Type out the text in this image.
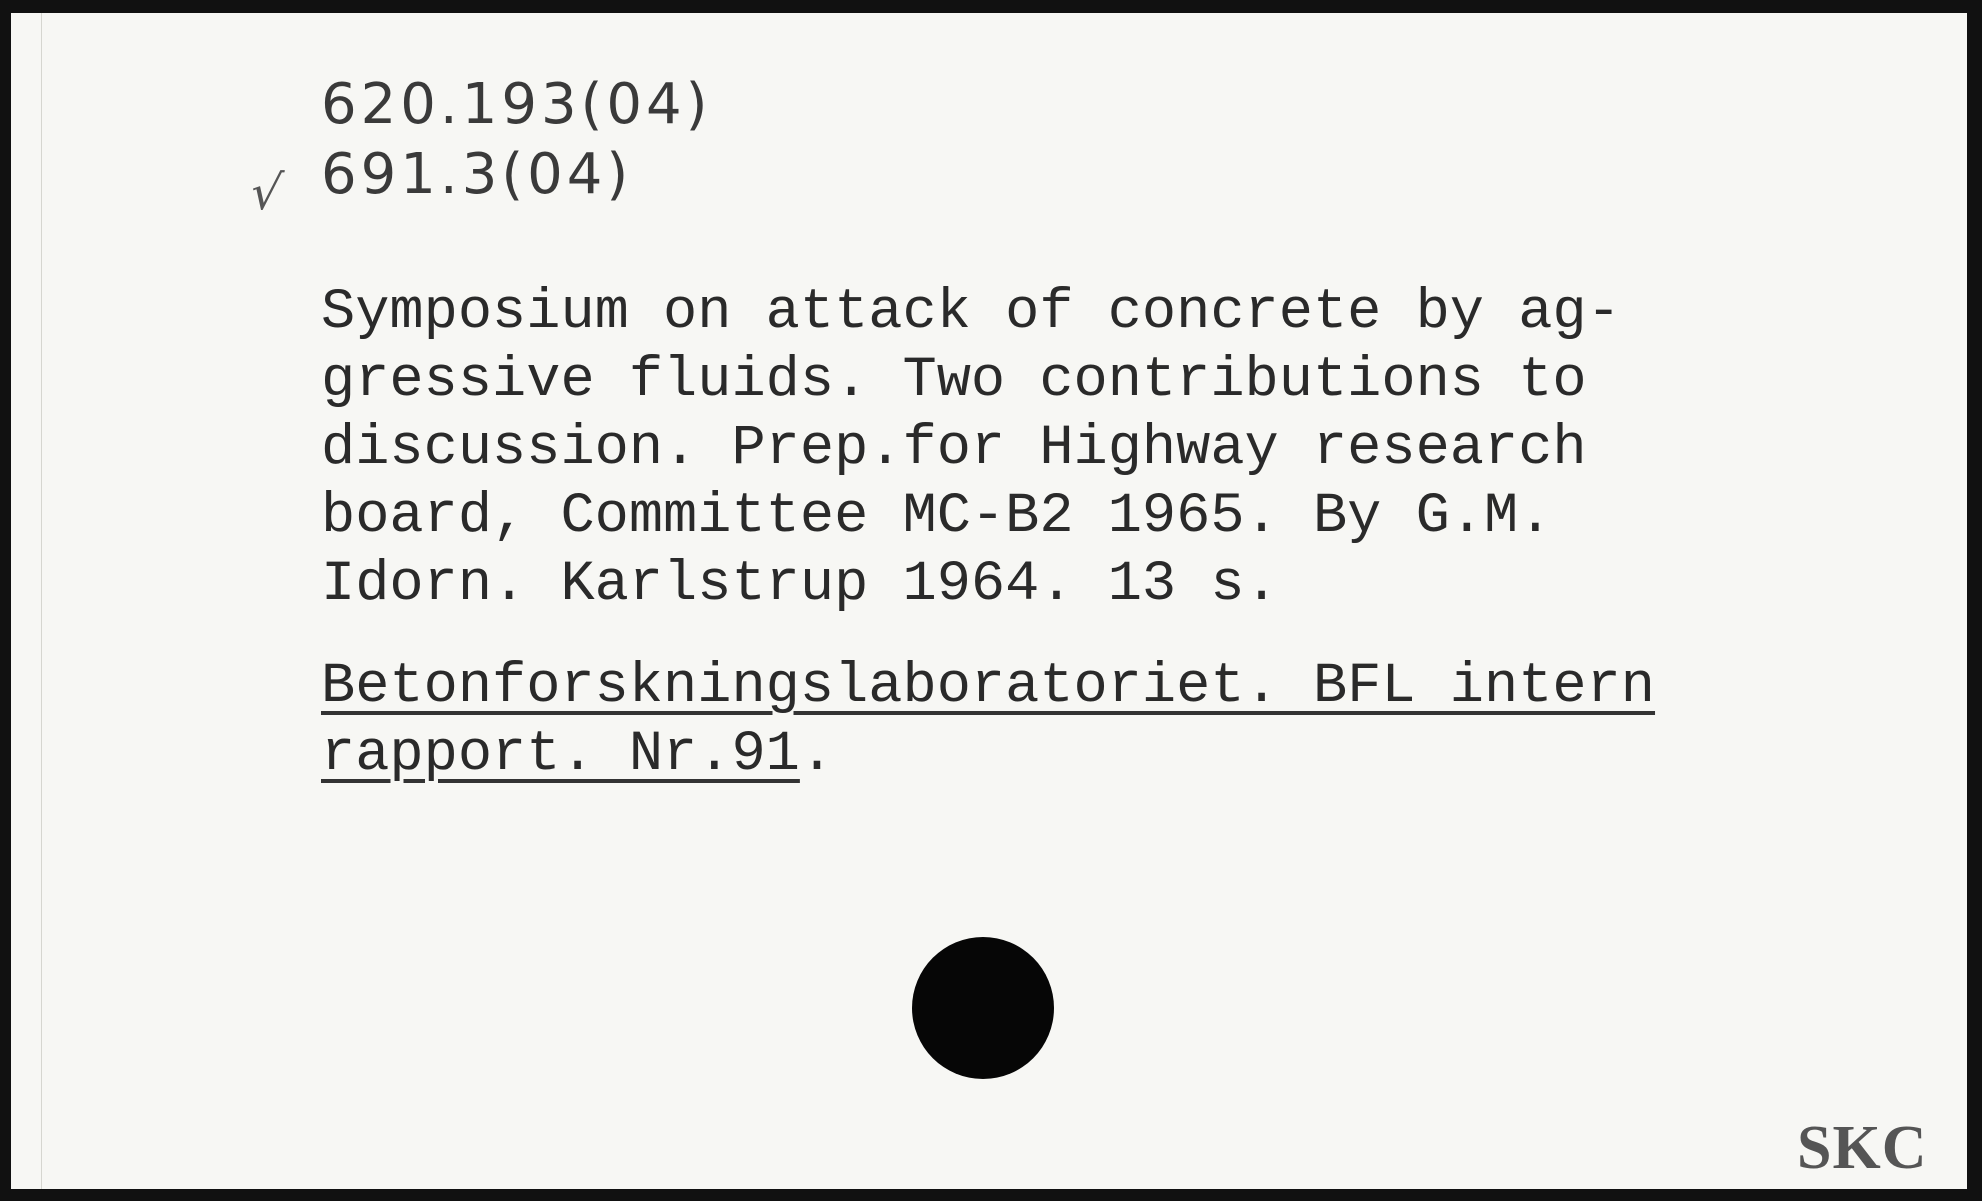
√
620.193(04)
691.3(04)
Symposium on attack of concrete by ag-
gressive fluids. Two contributions to
discussion. Prep.for Highway research
board, Committee MC-B2 1965. By G.M.
Idorn. Karlstrup 1964. 13 s.
Betonforskningslaboratoriet. BFL intern
rapport. Nr.91.
SKC
